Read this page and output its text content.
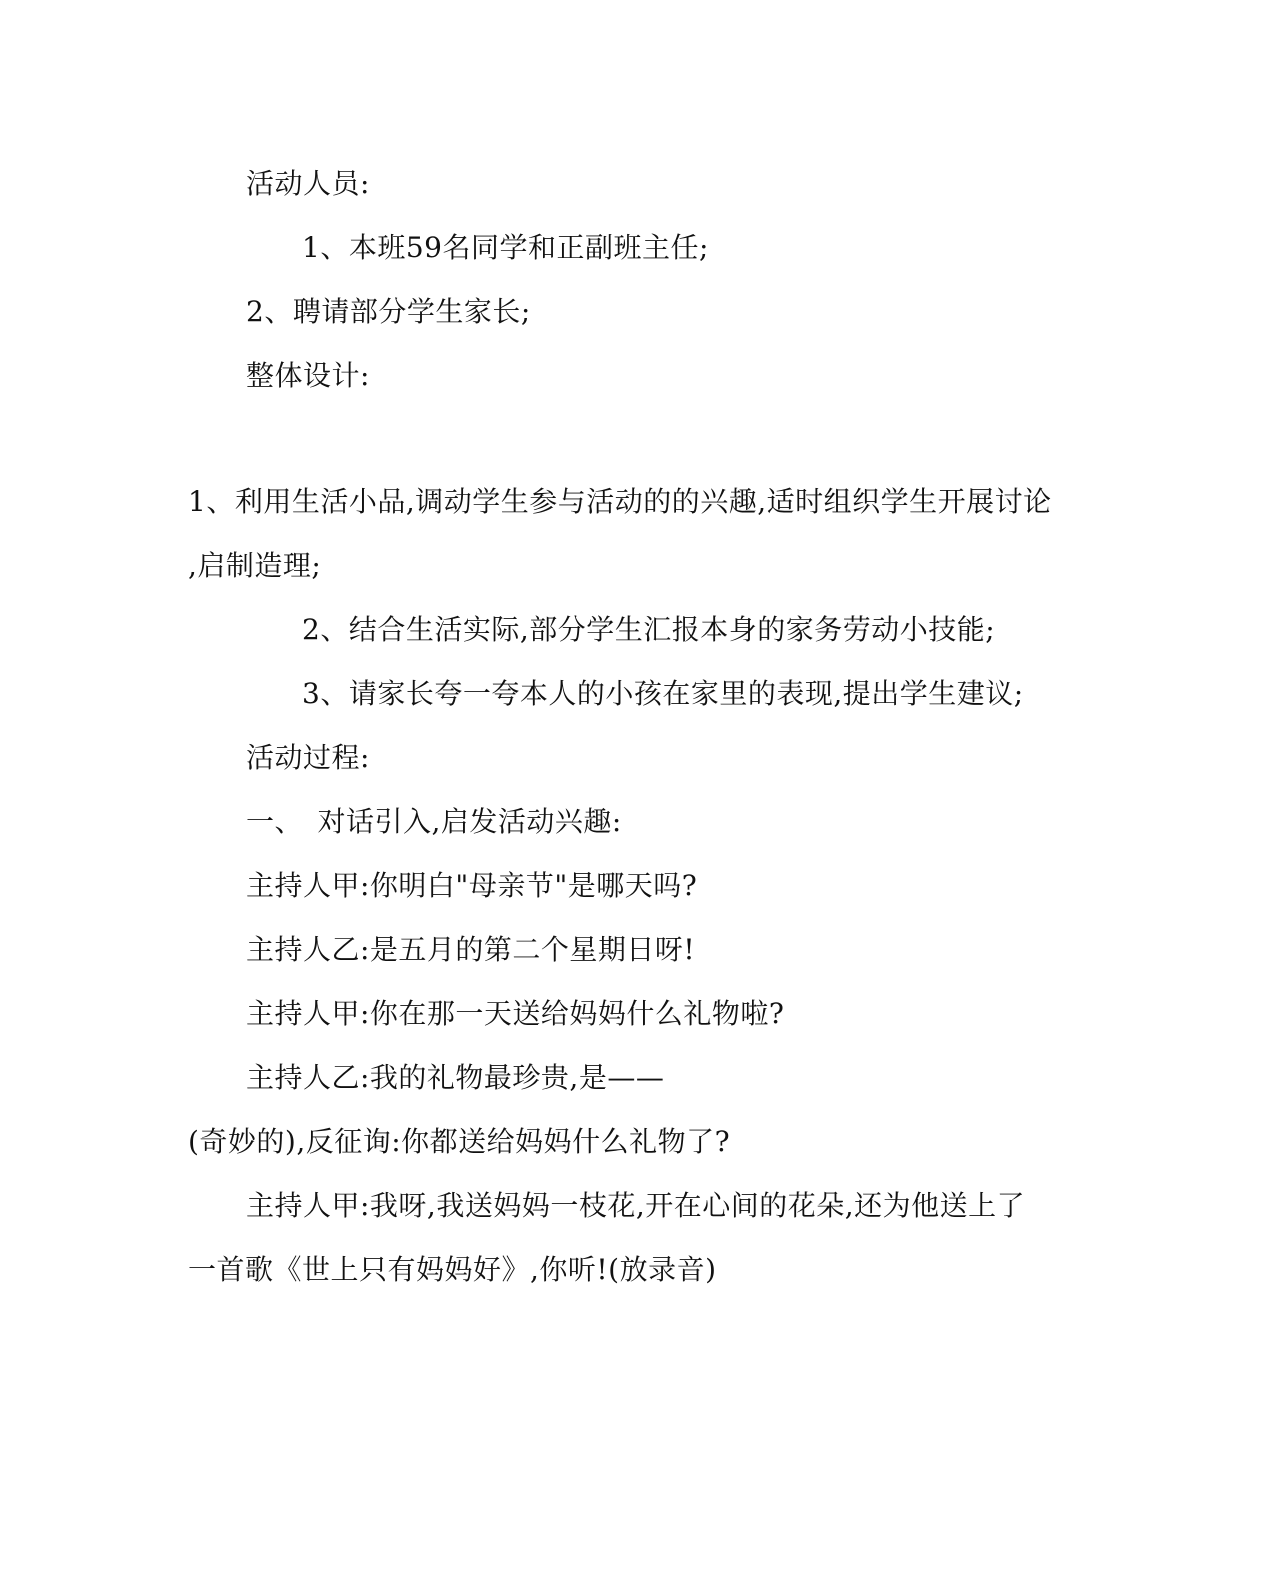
活动人员:
1、本班59名同学和正副班主任;
2、聘请部分学生家长;
整体设计:
1、利用生活小品,调动学生参与活动的的兴趣,适时组织学生开展讨论
,启制造理;
2、结合生活实际,部分学生汇报本身的家务劳动小技能;
3、请家长夸一夸本人的小孩在家里的表现,提出学生建议;
活动过程:
一、　对话引入,启发活动兴趣:
主持人甲:你明白"母亲节"是哪天吗?
主持人乙:是五月的第二个星期日呀!
主持人甲:你在那一天送给妈妈什么礼物啦?
主持人乙:我的礼物最珍贵,是——
(奇妙的),反征询:你都送给妈妈什么礼物了?
主持人甲:我呀,我送妈妈一枝花,开在心间的花朵,还为他送上了
一首歌《世上只有妈妈好》,你听!(放录音)
